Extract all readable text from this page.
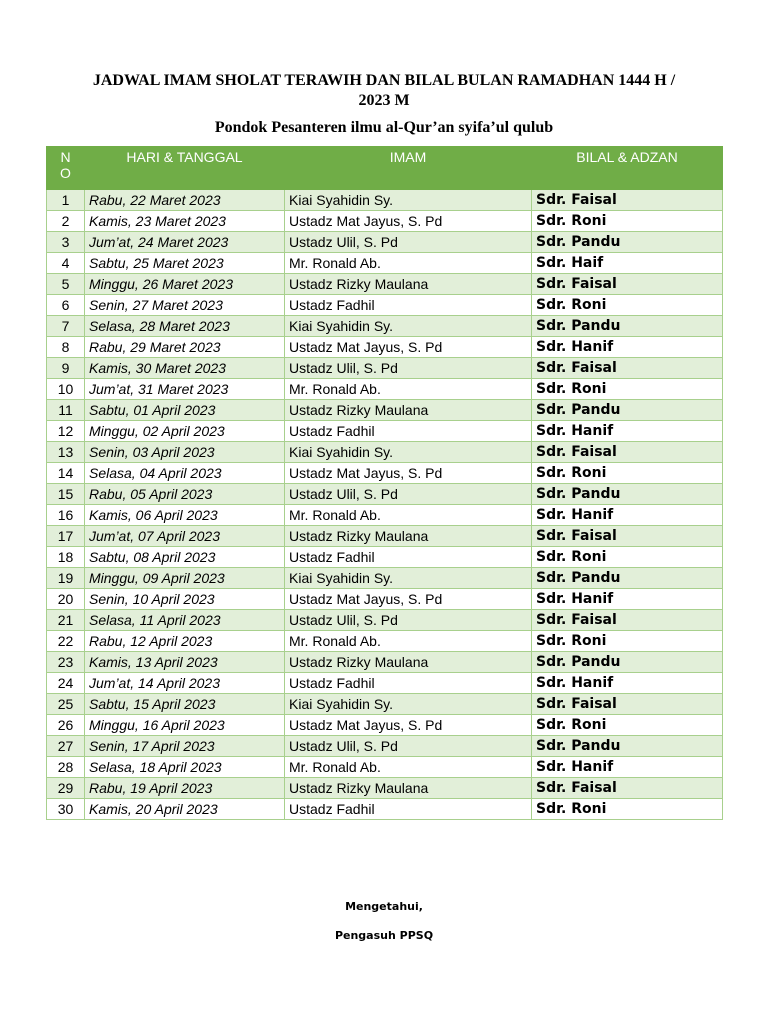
JADWAL IMAM SHOLAT TERAWIH DAN BILAL BULAN RAMADHAN 1444 H /
2023 M
Pondok Pesanteren ilmu al-Qur’an syifa’ul qulub
N
O	HARI & TANGGAL	IMAM	BILAL & ADZAN
1	Rabu, 22 Maret 2023	Kiai Syahidin Sy.	Sdr. Faisal
2	Kamis, 23 Maret 2023	Ustadz Mat Jayus, S. Pd	Sdr. Roni
3	Jum’at, 24 Maret 2023	Ustadz Ulil, S. Pd	Sdr. Pandu
4	Sabtu, 25 Maret 2023	Mr. Ronald Ab.	Sdr. Haif
5	Minggu, 26 Maret 2023	Ustadz Rizky Maulana	Sdr. Faisal
6	Senin, 27 Maret 2023	Ustadz Fadhil	Sdr. Roni
7	Selasa, 28 Maret 2023	Kiai Syahidin Sy.	Sdr. Pandu
8	Rabu, 29 Maret 2023	Ustadz Mat Jayus, S. Pd	Sdr. Hanif
9	Kamis, 30 Maret 2023	Ustadz Ulil, S. Pd	Sdr. Faisal
10	Jum’at, 31 Maret 2023	Mr. Ronald Ab.	Sdr. Roni
11	Sabtu, 01 April 2023	Ustadz Rizky Maulana	Sdr. Pandu
12	Minggu, 02 April 2023	Ustadz Fadhil	Sdr. Hanif
13	Senin, 03 April 2023	Kiai Syahidin Sy.	Sdr. Faisal
14	Selasa, 04 April 2023	Ustadz Mat Jayus, S. Pd	Sdr. Roni
15	Rabu, 05 April 2023	Ustadz Ulil, S. Pd	Sdr. Pandu
16	Kamis, 06 April 2023	Mr. Ronald Ab.	Sdr. Hanif
17	Jum’at, 07 April 2023	Ustadz Rizky Maulana	Sdr. Faisal
18	Sabtu, 08 April 2023	Ustadz Fadhil	Sdr. Roni
19	Minggu, 09 April 2023	Kiai Syahidin Sy.	Sdr. Pandu
20	Senin, 10 April 2023	Ustadz Mat Jayus, S. Pd	Sdr. Hanif
21	Selasa, 11 April 2023	Ustadz Ulil, S. Pd	Sdr. Faisal
22	Rabu, 12 April 2023	Mr. Ronald Ab.	Sdr. Roni
23	Kamis, 13 April 2023	Ustadz Rizky Maulana	Sdr. Pandu
24	Jum’at, 14 April 2023	Ustadz Fadhil	Sdr. Hanif
25	Sabtu, 15 April 2023	Kiai Syahidin Sy.	Sdr. Faisal
26	Minggu, 16 April 2023	Ustadz Mat Jayus, S. Pd	Sdr. Roni
27	Senin, 17 April 2023	Ustadz Ulil, S. Pd	Sdr. Pandu
28	Selasa, 18 April 2023	Mr. Ronald Ab.	Sdr. Hanif
29	Rabu, 19 April 2023	Ustadz Rizky Maulana	Sdr. Faisal
30	Kamis, 20 April 2023	Ustadz Fadhil	Sdr. Roni
Mengetahui,
Pengasuh PPSQ
